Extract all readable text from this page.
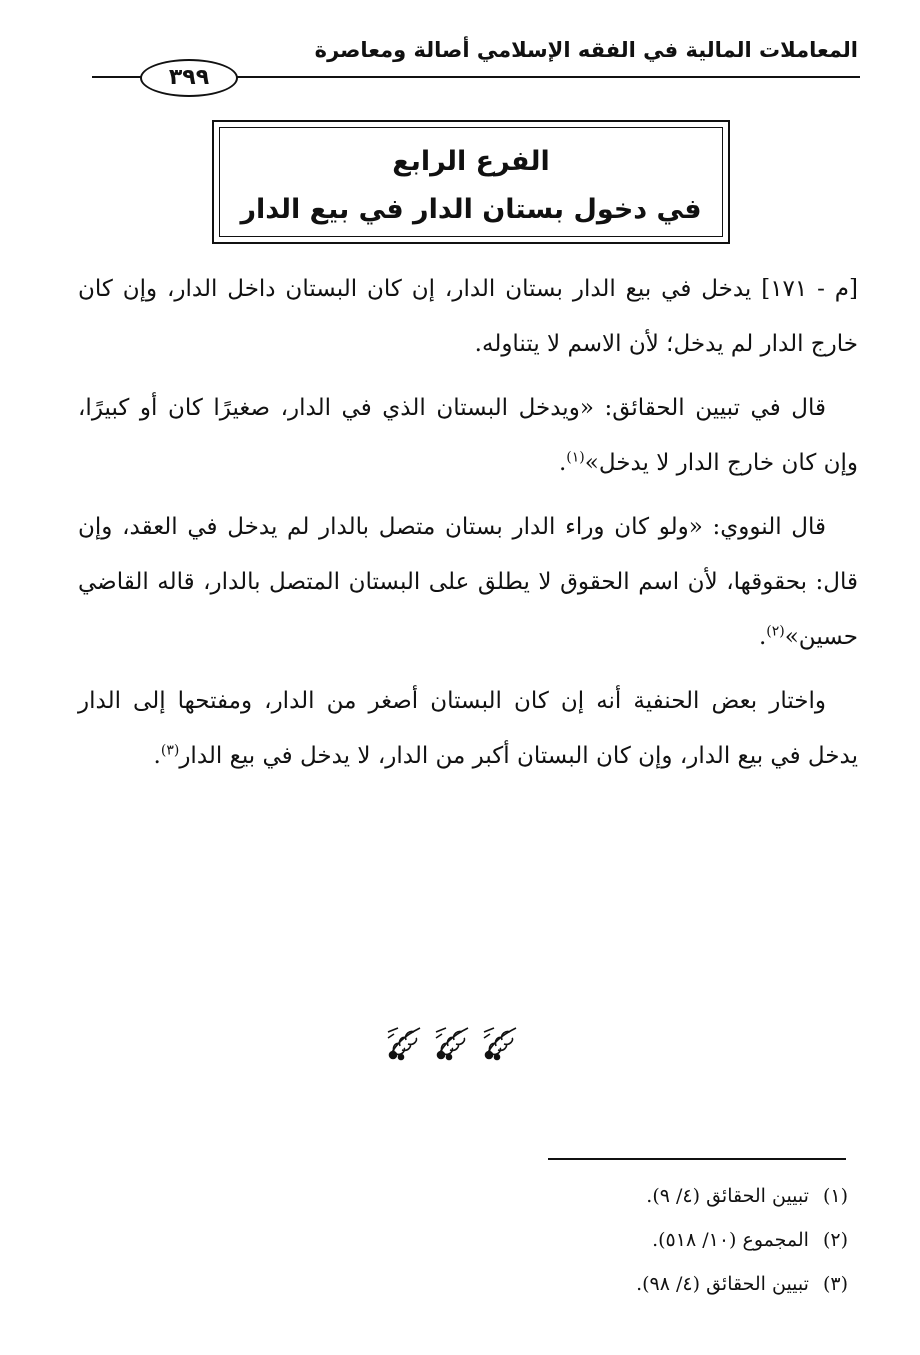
المعاملات المالية في الفقه الإسلامي أصالة ومعاصرة
٣٩٩
الفرع الرابع
في دخول بستان الدار في بيع الدار

[م - ١٧١] يدخل في بيع الدار بستان الدار، إن كان البستان داخل الدار، وإن كان خارج الدار لم يدخل؛ لأن الاسم لا يتناوله.

قال في تبيين الحقائق: «ويدخل البستان الذي في الدار، صغيرًا كان أو كبيرًا، وإن كان خارج الدار لا يدخل»$^{(١)}$.

قال النووي: «ولو كان وراء الدار بستان متصل بالدار لم يدخل في العقد، وإن قال: بحقوقها، لأن اسم الحقوق لا يطلق على البستان المتصل بالدار، قاله القاضي حسين»$^{(٢)}$.

واختار بعض الحنفية أنه إن كان البستان أصغر من الدار، ومفتحها إلى الدار يدخل في بيع الدار، وإن كان البستان أكبر من الدار، لا يدخل في بيع الدار$^{(٣)}$.

(١)تبيين الحقائق (٤/ ٩).
(٢)المجموع (١٠/ ٥١٨).
(٣)تبيين الحقائق (٤/ ٩٨).
